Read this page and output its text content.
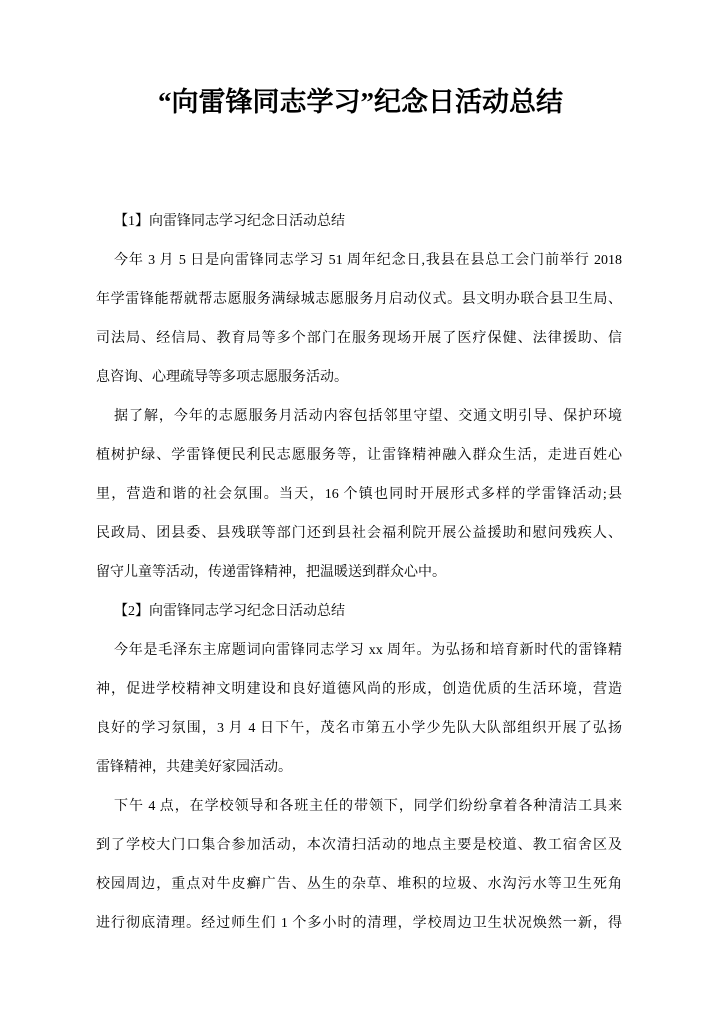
“向雷锋同志学习”纪念日活动总结
【1】向雷锋同志学习纪念日活动总结
今年 3 月 5 日是向雷锋同志学习 51 周年纪念日,我县在县总工会门前举行 2018
年学雷锋能帮就帮志愿服务满绿城志愿服务月启动仪式。县文明办联合县卫生局、
司法局、经信局、教育局等多个部门在服务现场开展了医疗保健、法律援助、信
息咨询、心理疏导等多项志愿服务活动。
据了解，今年的志愿服务月活动内容包括邻里守望、交通文明引导、保护环境
植树护绿、学雷锋便民利民志愿服务等，让雷锋精神融入群众生活，走进百姓心
里，营造和谐的社会氛围。当天，16 个镇也同时开展形式多样的学雷锋活动;县
民政局、团县委、县残联等部门还到县社会福利院开展公益援助和慰问残疾人、
留守儿童等活动，传递雷锋精神，把温暖送到群众心中。
【2】向雷锋同志学习纪念日活动总结
今年是毛泽东主席题词向雷锋同志学习 xx 周年。为弘扬和培育新时代的雷锋精
神，促进学校精神文明建设和良好道德风尚的形成，创造优质的生活环境，营造
良好的学习氛围，3 月 4 日下午，茂名市第五小学少先队大队部组织开展了弘扬
雷锋精神，共建美好家园活动。
下午 4 点，在学校领导和各班主任的带领下，同学们纷纷拿着各种清洁工具来
到了学校大门口集合参加活动，本次清扫活动的地点主要是校道、教工宿舍区及
校园周边，重点对牛皮癣广告、丛生的杂草、堆积的垃圾、水沟污水等卫生死角
进行彻底清理。经过师生们 1 个多小时的清理，学校周边卫生状况焕然一新，得
